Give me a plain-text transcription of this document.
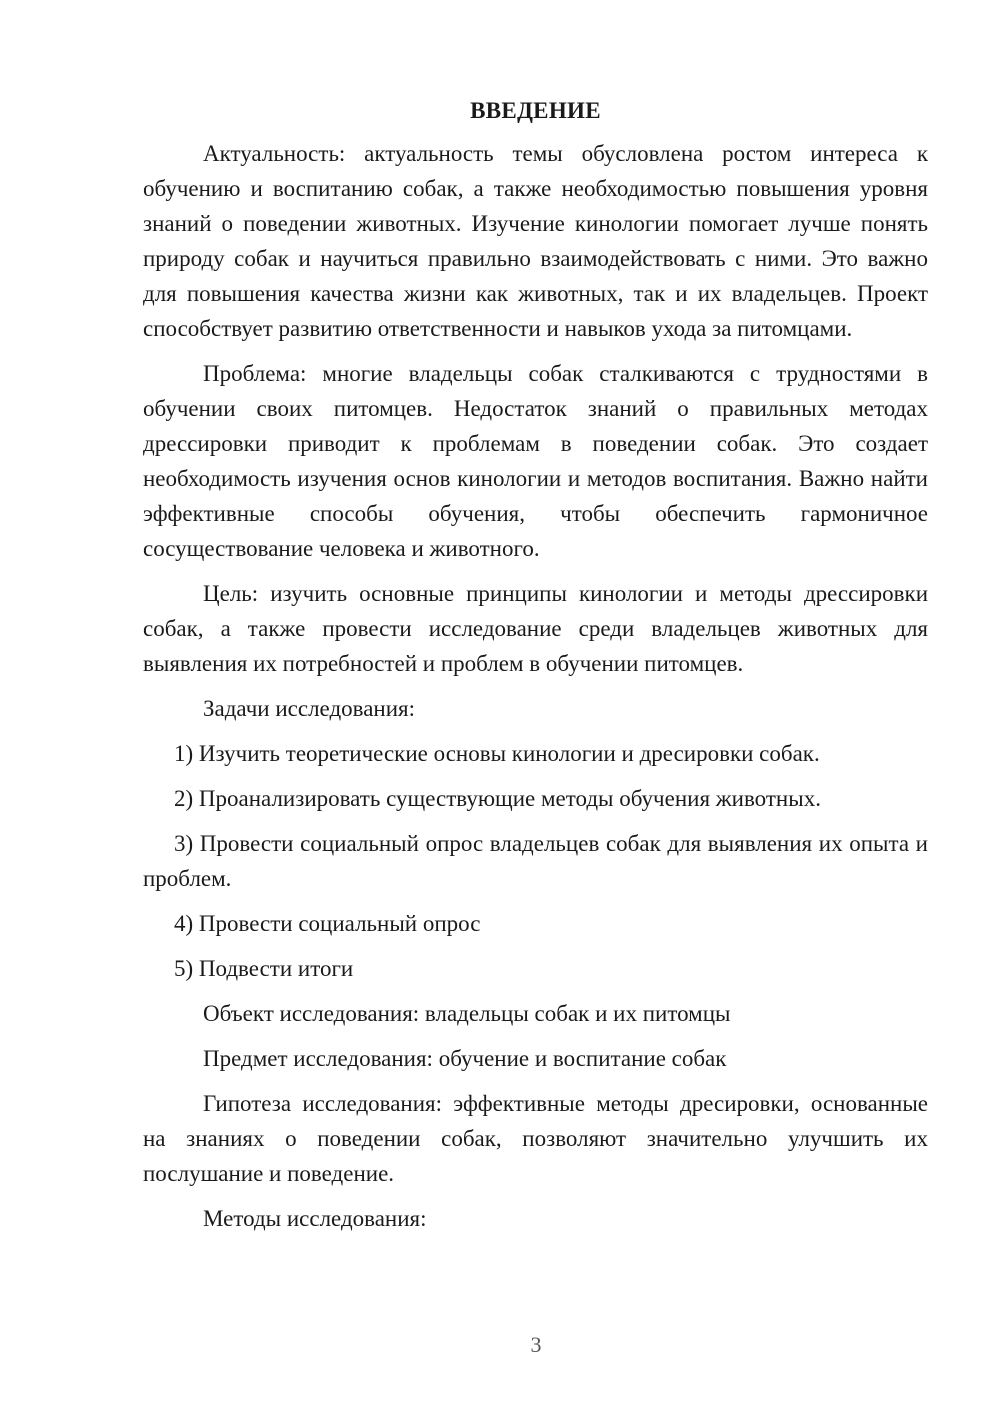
ВВЕДЕНИЕ

Актуальность: актуальность темы обусловлена ростом интереса к обучению и воспитанию собак, а также необходимостью повышения уровня знаний о поведении животных. Изучение кинологии помогает лучше понять природу собак и научиться правильно взаимодействовать с ними. Это важно для повышения качества жизни как животных, так и их владельцев. Проект способствует развитию ответственности и навыков ухода за питомцами.

Проблема: многие владельцы собак сталкиваются с трудностями в обучении своих питомцев. Недостаток знаний о правильных методах дрессировки приводит к проблемам в поведении собак. Это создает необходимость изучения основ кинологии и методов воспитания. Важно найти эффективные способы обучения, чтобы обеспечить гармоничное сосуществование человека и животного.

Цель: изучить основные принципы кинологии и методы дрессировки собак, а также провести исследование среди владельцев животных для выявления их потребностей и проблем в обучении питомцев.

Задачи исследования:

1) Изучить теоретические основы кинологии и дресировки собак.

2) Проанализировать существующие методы обучения животных.

3) Провести социальный опрос владельцев собак для выявления их опыта и проблем.

4) Провести социальный опрос

5) Подвести итоги

Объект исследования: владельцы собак и их питомцы

Предмет исследования: обучение и воспитание собак

Гипотеза исследования: эффективные методы дресировки, основанные на знаниях о поведении собак, позволяют значительно улучшить их послушание и поведение.

Методы исследования:

3
